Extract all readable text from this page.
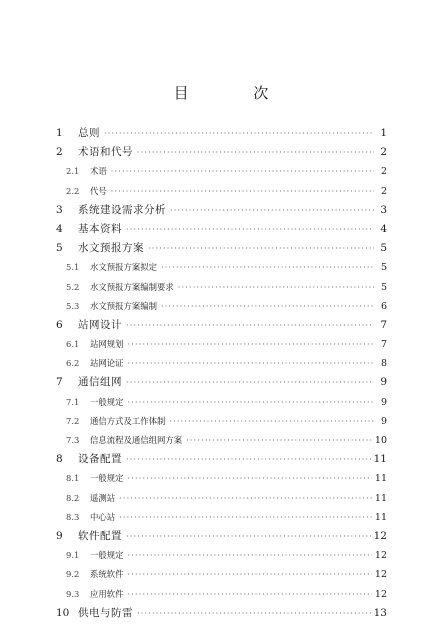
目 次
1	总则 ·····	1
2	术语和代号 ·····	2
2.1	术语 ·····	2
2.2	代号 ·····	2
3	系统建设需求分析 ·····	3
4	基本资料 ·····	4
5	水文预报方案 ·····	5
5.1	水文预报方案拟定 ·····	5
5.2	水文预报方案编制要求 ·····	5
5.3	水文预报方案编制 ·····	6
6	站网设计 ·····	7
6.1	站网规划 ·····	7
6.2	站网论证 ·····	8
7	通信组网 ·····	9
7.1	一般规定 ·····	9
7.2	通信方式及工作体制 ·····	9
7.3	信息流程及通信组网方案 ·····	10
8	设备配置 ·····	11
8.1	一般规定 ·····	11
8.2	遥测站 ·····	11
8.3	中心站 ·····	11
9	软件配置 ·····	12
9.1	一般规定 ·····	12
9.2	系统软件 ·····	12
9.3	应用软件 ·····	12
10 供电与防雷 ·····	13
